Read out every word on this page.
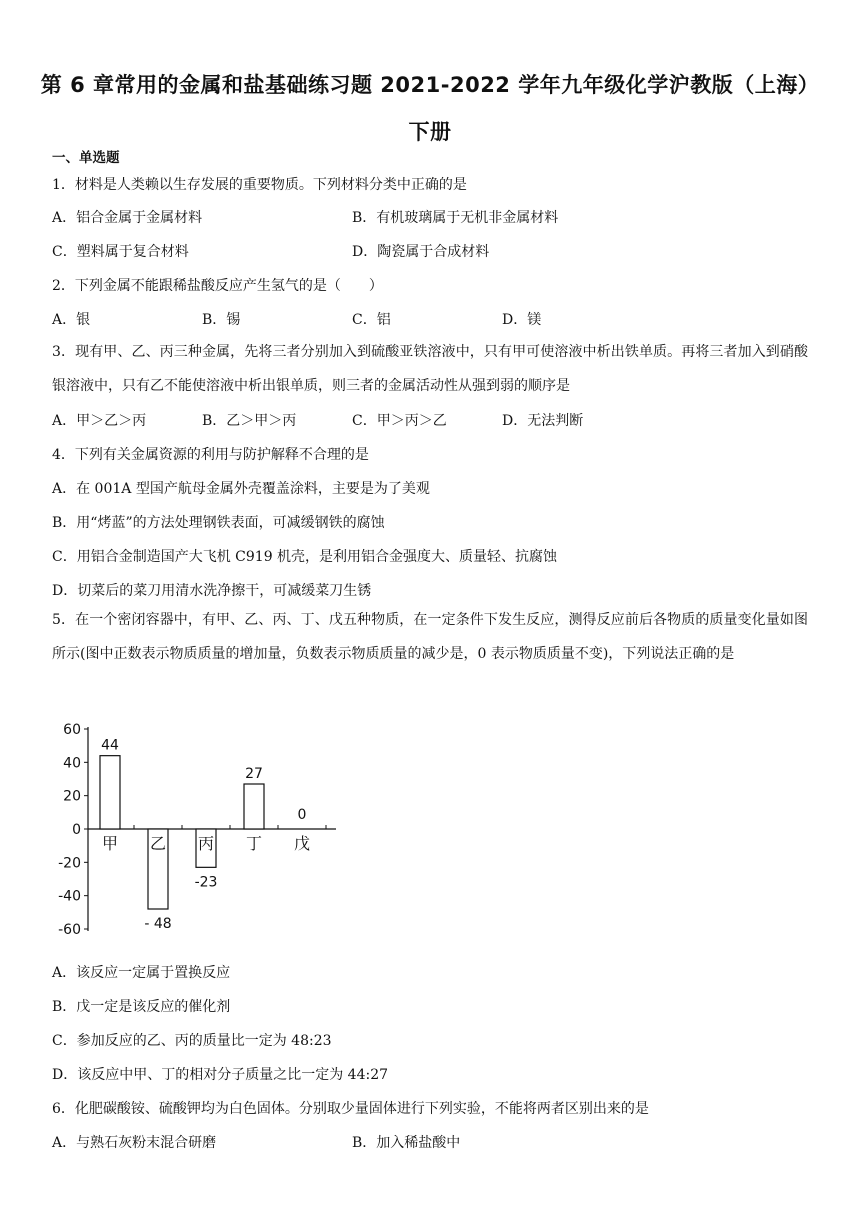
第 6 章常用的金属和盐基础练习题 2021-2022 学年九年级化学沪教版（上海）下册
一、单选题
1．材料是人类赖以生存发展的重要物质。下列材料分类中正确的是
A．铝合金属于金属材料	B．有机玻璃属于无机非金属材料
C．塑料属于复合材料	D．陶瓷属于合成材料
2．下列金属不能跟稀盐酸反应产生氢气的是（　　）
A．银	B．锡	C．铝	D．镁
3．现有甲、乙、丙三种金属，先将三者分别加入到硫酸亚铁溶液中，只有甲可使溶液中析出铁单质。再将三者加入到硝酸银溶液中，只有乙不能使溶液中析出银单质，则三者的金属活动性从强到弱的顺序是
A．甲＞乙＞丙	B．乙＞甲＞丙	C．甲＞丙＞乙	D．无法判断
4．下列有关金属资源的利用与防护解释不合理的是
A．在 001A 型国产航母金属外壳覆盖涂料，主要是为了美观
B．用“烤蓝”的方法处理钢铁表面，可减缓钢铁的腐蚀
C．用铝合金制造国产大飞机 C919 机壳，是利用铝合金强度大、质量轻、抗腐蚀
D．切菜后的菜刀用清水洗净擦干，可减缓菜刀生锈
5．在一个密闭容器中，有甲、乙、丙、丁、戊五种物质，在一定条件下发生反应，测得反应前后各物质的质量变化量如图所示(图中正数表示物质质量的增加量，负数表示物质质量的减少是，0 表示物质质量不变)，下列说法正确的是
60
40
20
0
-20
-40
-60
甲 乙 丙 丁 戊
44
- 48
-23
27
0
A．该反应一定属于置换反应
B．戊一定是该反应的催化剂
C．参加反应的乙、丙的质量比一定为 48:23
D．该反应中甲、丁的相对分子质量之比一定为 44:27
6．化肥碳酸铵、硫酸钾均为白色固体。分别取少量固体进行下列实验，不能将两者区别出来的是
A．与熟石灰粉末混合研磨	B．加入稀盐酸中
